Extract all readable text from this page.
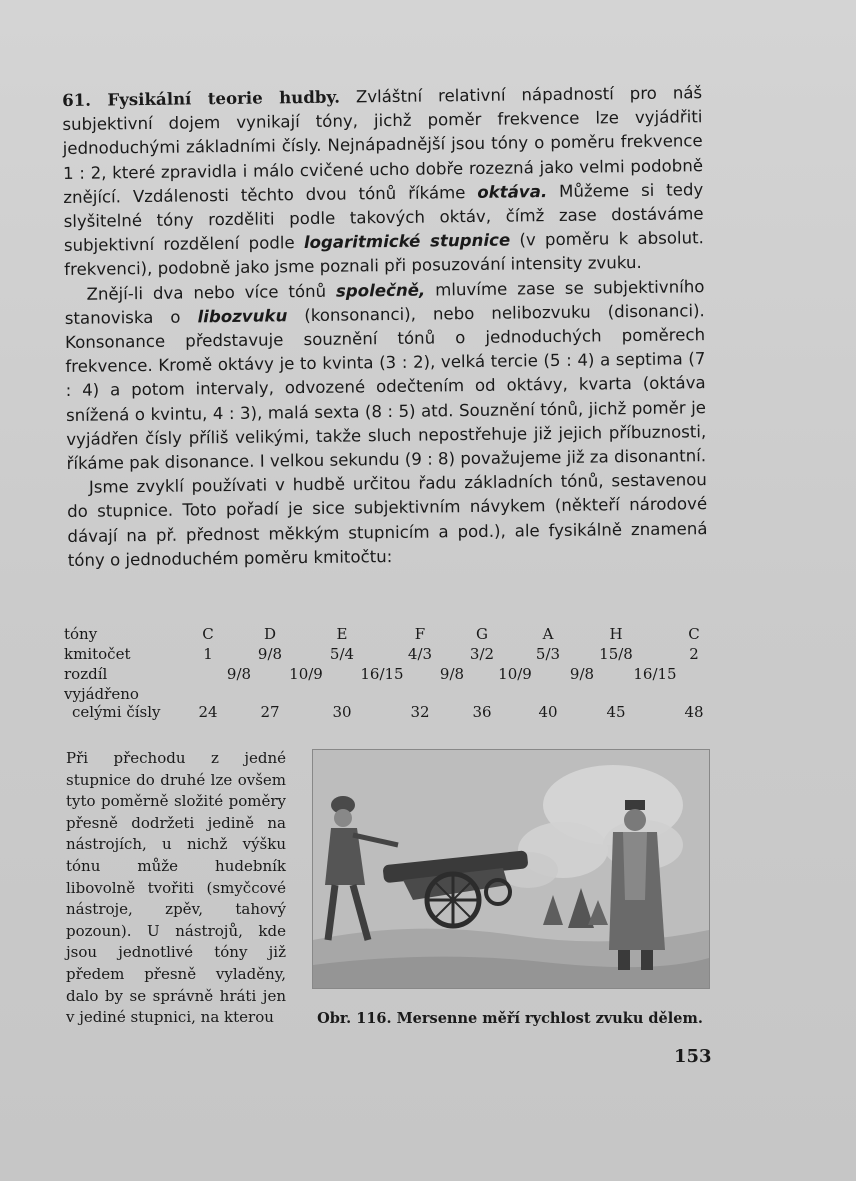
61. Fysikální teorie hudby. Zvláštní relativní nápadností pro náš subjektivní dojem vynikají tóny, jichž poměr frekvence lze vyjádřiti jednoduchými základními čísly. Nejnápadnější jsou tóny o poměru frekvence 1 : 2, které zpravidla i málo cvičené ucho dobře rozezná jako velmi podobně znějící. Vzdálenosti těchto dvou tónů říkáme oktáva. Můžeme si tedy slyšitelné tóny rozděliti podle takových oktáv, čímž zase dostáváme subjektivní rozdělení podle logaritmické stupnice (v poměru k absolut. frekvenci), podobně jako jsme poznali při posuzování intensity zvuku.

Znějí-li dva nebo více tónů společně, mluvíme zase se subjektivního stanoviska o libozvuku (konsonanci), nebo nelibozvuku (disonanci). Konsonance představuje souznění tónů o jednoduchých poměrech frekvence. Kromě oktávy je to kvinta (3 : 2), velká tercie (5 : 4) a septima (7 : 4) a potom intervaly, odvozené odečtením od oktávy, kvarta (oktáva snížená o kvintu, 4 : 3), malá sexta (8 : 5) atd. Souznění tónů, jichž poměr je vyjádřen čísly příliš velikými, takže sluch nepostřehuje již jejich příbuznosti, říkáme pak disonance. I velkou sekundu (9 : 8) považujeme již za disonantní.

Jsme zvyklí používati v hudbě určitou řadu základních tónů, sestavenou do stupnice. Toto pořadí je sice subjektivním návykem (někteří národové dávají na př. přednost měkkým stupnicím a pod.), ale fysikálně znamená tóny o jednoduchém poměru kmitočtu:

tóny	C	D	E	F	G	A	H	C
kmitočet	1	9/8	5/4	4/3	3/2	5/3	15/8	2
rozdíl	9/8	10/9	16/15	9/8	10/9	9/8	16/15
vyjádřeno
celými čísly	24	27	30	32	36	40	45	48
Při přechodu z jedné stupnice do druhé lze ovšem tyto poměrně složité poměry přesně dodržeti jedině na nástrojích, u nichž výšku tónu může hudebník libovolně tvořiti (smyčcové nástroje, zpěv, tahový pozoun). U nástrojů, kde jsou jednotlivé tóny již předem přesně vyladěny, dalo by se správně hráti jen v jediné stupnici, na kterou	Obr. 116. Mersenne měří rychlost zvuku dělem.
153
